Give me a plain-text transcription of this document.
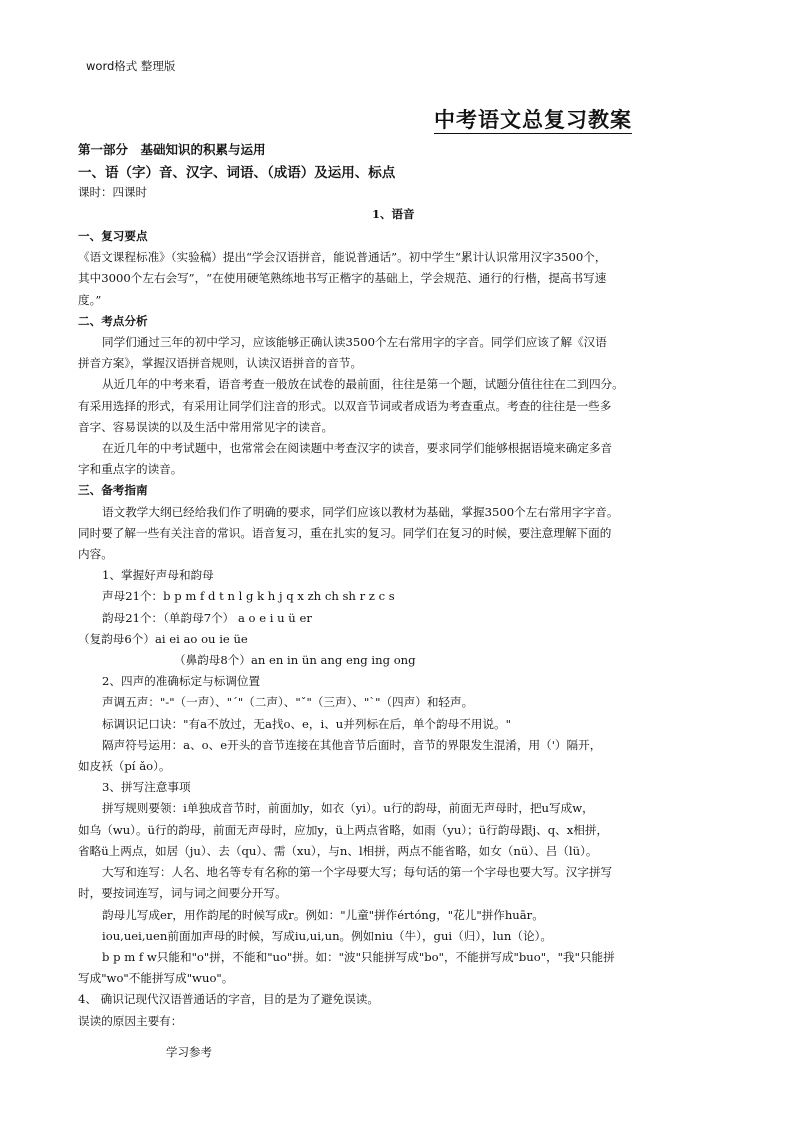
word格式 整理版
中考语文总复习教案
第一部分　基础知识的积累与运用
一、语（字）音、汉字、词语、（成语）及运用、标点
课时：四课时
1、语音

一、复习要点

《语文课程标准》（实验稿）提出“学会汉语拼音，能说普通话”。初中学生“累计认识常用汉字3500个，

其中3000个左右会写”，“在使用硬笔熟练地书写正楷字的基础上，学会规范、通行的行楷，提高书写速

度。”

二、考点分析

同学们通过三年的初中学习，应该能够正确认读3500个左右常用字的字音。同学们应该了解《汉语

拼音方案》，掌握汉语拼音规则，认读汉语拼音的音节。

从近几年的中考来看，语音考查一般放在试卷的最前面，往往是第一个题，试题分值往往在二到四分。

有采用选择的形式，有采用让同学们注音的形式。以双音节词或者成语为考查重点。考查的往往是一些多

音字、容易误读的以及生活中常用常见字的读音。

在近几年的中考试题中，也常常会在阅读题中考查汉字的读音，要求同学们能够根据语境来确定多音

字和重点字的读音。

三、备考指南

语文教学大纲已经给我们作了明确的要求，同学们应该以教材为基础，掌握3500个左右常用字字音。

同时要了解一些有关注音的常识。语音复习，重在扎实的复习。同学们在复习的时候，要注意理解下面的

内容。

1、掌握好声母和韵母

声母21个：b p m f d t n l g k h j q x zh ch sh r z c s

韵母21个：（单韵母7个） a o e i u ü er

（复韵母6个）ai ei ao ou ie üe

（鼻韵母8个）an en in ün ang eng ing ong

2、四声的准确标定与标调位置

声调五声："-"（一声）、"ˊ"（二声）、"ˇ"（三声）、"ˋ"（四声）和轻声。

标调识记口诀："有a不放过，无a找o、e，i、u并列标在后，单个韵母不用说。"

隔声符号运用：a、o、e开头的音节连接在其他音节后面时，音节的界限发生混淆，用（'）隔开，

如皮袄（pí ǎo）。

3、拼写注意事项

拼写规则要领：i单独成音节时，前面加y，如衣（yi）。u行的韵母，前面无声母时，把u写成w，

如乌（wu）。ü行的韵母，前面无声母时，应加y，ü上两点省略，如雨（yu）；ü行韵母跟j、q、x相拼，

省略ü上两点，如居（ju）、去（qu）、需（xu），与n、l相拼，两点不能省略，如女（nü）、吕（lü）。

大写和连写：人名、地名等专有名称的第一个字母要大写；每句话的第一个字母也要大写。汉字拼写

时，要按词连写，词与词之间要分开写。

韵母儿写成er，用作韵尾的时候写成r。例如："儿童"拼作értóng，"花儿"拼作huār。

iou,uei,uen前面加声母的时候，写成iu,ui,un。例如niu（牛），gui（归），lun（论）。

b p m f w只能和"o"拼，不能和"uo"拼。如："波"只能拼写成"bo"，不能拼写成"buo"，"我"只能拼

写成"wo"不能拼写成"wuo"。

4、 确识记现代汉语普通话的字音，目的是为了避免误读。

误读的原因主要有：

学习参考
